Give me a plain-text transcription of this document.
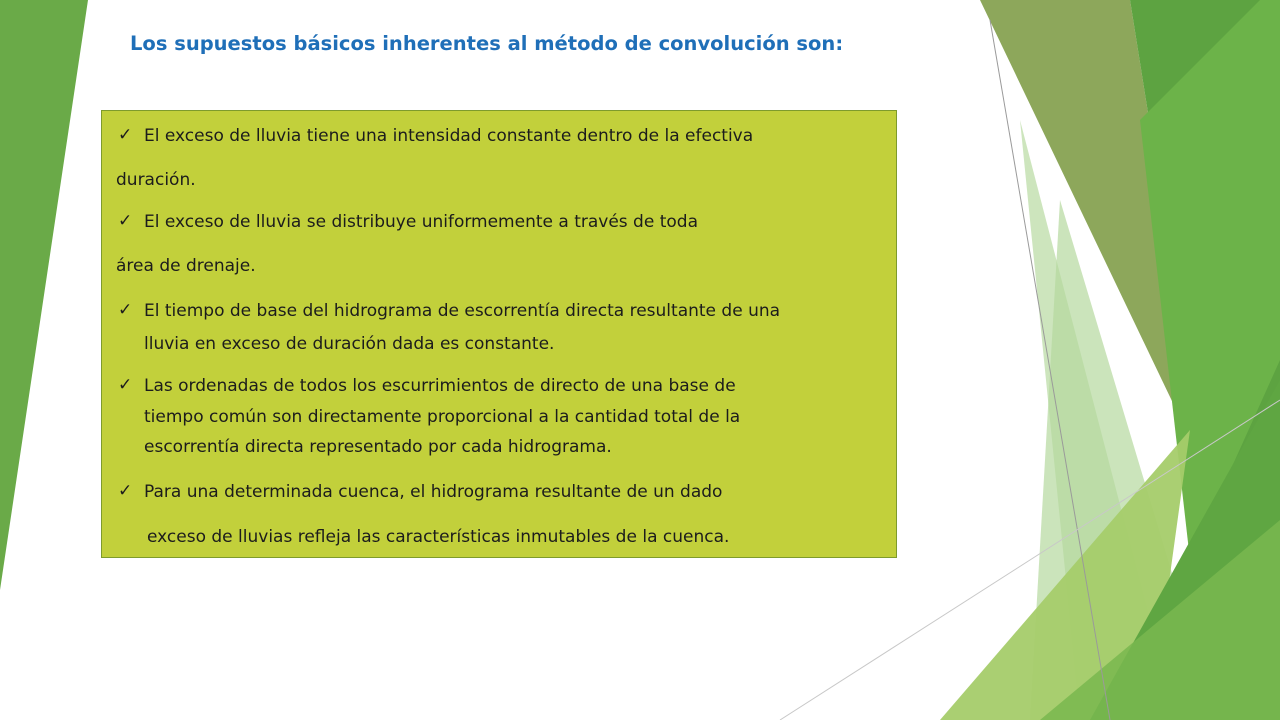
Los supuestos básicos inherentes al método de convolución son:
✓ El exceso de lluvia tiene una intensidad constante dentro de la efectiva

duración.

✓ El exceso de lluvia se distribuye uniformemente a través de toda

área de drenaje.

✓ El tiempo de base del hidrograma de escorrentía directa resultante de una

lluvia en exceso de duración dada es constante.

✓ Las ordenadas de todos los escurrimientos de directo de una base de

tiempo común son directamente proporcional a la cantidad total de la

escorrentía directa representado por cada hidrograma.

✓ Para una determinada cuenca, el hidrograma resultante de un dado

exceso de lluvias refleja las características inmutables de la cuenca.
